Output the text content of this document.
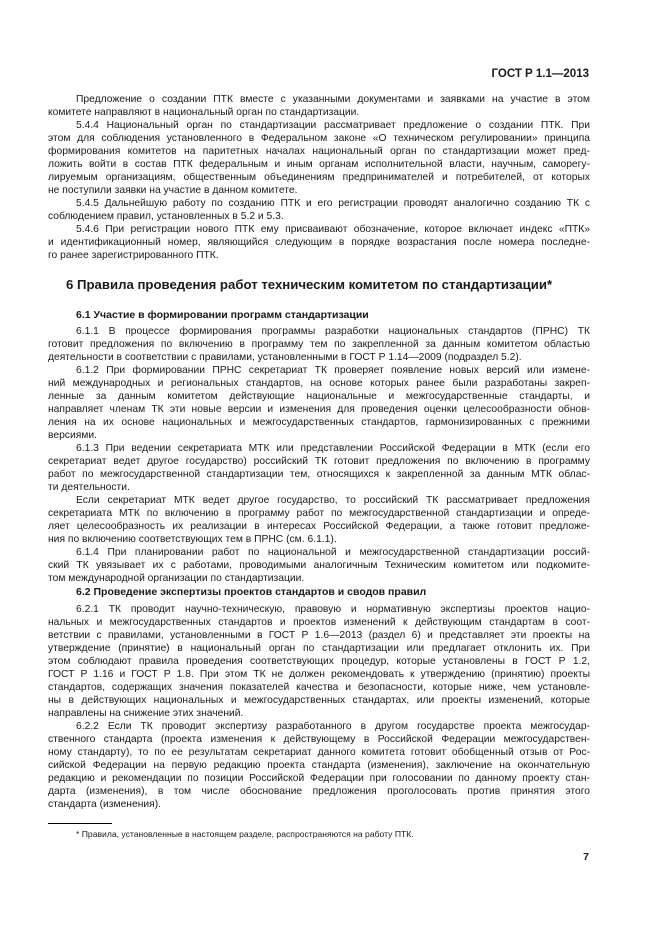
ГОСТ Р 1.1—2013
Предложение о создании ПТК вместе с указанными документами и заявками на участие в этом
комитете направляют в национальный орган по стандартизации.
5.4.4 Национальный орган по стандартизации рассматривает предложение о создании ПТК. При
этом для соблюдения установленного в Федеральном законе «О техническом регулировании» принципа
формирования комитетов на паритетных началах национальный орган по стандартизации может пред-
ложить войти в состав ПТК федеральным и иным органам исполнительной власти, научным, саморегу-
лируемым организациям, общественным объединениям предпринимателей и потребителей, от которых
не поступили заявки на участие в данном комитете.
5.4.5 Дальнейшую работу по созданию ПТК и его регистрации проводят аналогично созданию ТК с
соблюдением правил, установленных в 5.2 и 5.3.
5.4.6 При регистрации нового ПТК ему присваивают обозначение, которое включает индекс «ПТК»
и идентификационный номер, являющийся следующим в порядке возрастания после номера последне-
го ранее зарегистрированного ПТК.
6 Правила проведения работ техническим комитетом по стандартизации*
6.1 Участие в формировании программ стандартизации
6.1.1 В процессе формирования программы разработки национальных стандартов (ПРНС) ТК
готовит предложения по включению в программу тем по закрепленной за данным комитетом областью
деятельности в соответствии с правилами, установленными в ГОСТ Р 1.14—2009 (подраздел 5.2).
6.1.2 При формировании ПРНС секретариат ТК проверяет появление новых версий или измене-
ний международных и региональных стандартов, на основе которых ранее были разработаны закреп-
ленные за данным комитетом действующие национальные и межгосударственные стандарты, и
направляет членам ТК эти новые версии и изменения для проведения оценки целесообразности обнов-
ления на их основе национальных и межгосударственных стандартов, гармонизированных с прежними
версиями.
6.1.3 При ведении секретариата МТК или представлении Российской Федерации в МТК (если его
секретариат ведет другое государство) российский ТК готовит предложения по включению в программу
работ по межгосударственной стандартизации тем, относящихся к закрепленной за данным МТК облас-
ти деятельности.
Если секретариат МТК ведет другое государство, то российский ТК рассматривает предложения
секретариата МТК по включению в программу работ по межгосударственной стандартизации и опреде-
ляет целесообразность их реализации в интересах Российской Федерации, а также готовит предложе-
ния по включению соответствующих тем в ПРНС (см. 6.1.1).
6.1.4 При планировании работ по национальной и межгосударственной стандартизации россий-
ский ТК увязывает их с работами, проводимыми аналогичным Техническим комитетом или подкомите-
том международной организации по стандартизации.
6.2 Проведение экспертизы проектов стандартов и сводов правил
6.2.1 ТК проводит научно-техническую, правовую и нормативную экспертизы проектов нацио-
нальных и межгосударственных стандартов и проектов изменений к действующим стандартам в соот-
ветствии с правилами, установленными в ГОСТ Р 1.6—2013 (раздел 6) и представляет эти проекты на
утверждение (принятие) в национальный орган по стандартизации или предлагает отклонить их. При
этом соблюдают правила проведения соответствующих процедур, которые установлены в ГОСТ Р 1.2,
ГОСТ Р 1.16 и ГОСТ Р 1.8. При этом ТК не должен рекомендовать к утверждению (принятию) проекты
стандартов, содержащих значения показателей качества и безопасности, которые ниже, чем установле-
ны в действующих национальных и межгосударственных стандартах, или проекты изменений, которые
направлены на снижение этих значений.
6.2.2 Если ТК проводит экспертизу разработанного в другом государстве проекта межгосудар-
ственного стандарта (проекта изменения к действующему в Российской Федерации межгосударствен-
ному стандарту), то по ее результатам секретариат данного комитета готовит обобщенный отзыв от Рос-
сийской Федерации на первую редакцию проекта стандарта (изменения), заключение на окончательную
редакцию и рекомендации по позиции Российской Федерации при голосовании по данному проекту стан-
дарта (изменения), в том числе обоснование предложения проголосовать против принятия этого
стандарта (изменения).
* Правила, установленные в настоящем разделе, распространяются на работу ПТК.
7
